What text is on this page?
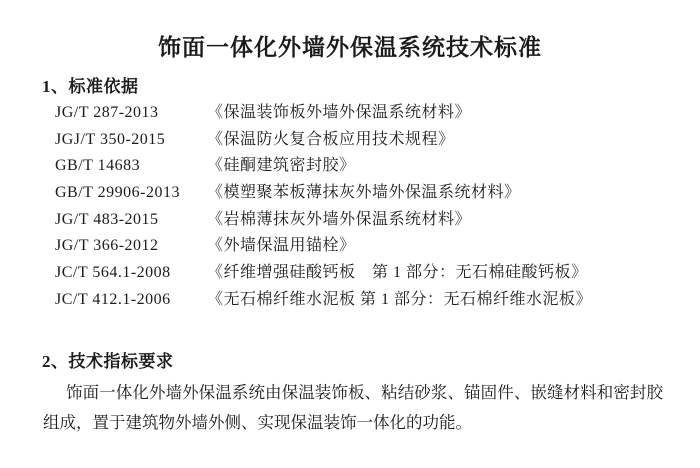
饰面一体化外墙外保温系统技术标准
1、标准依据
JG/T 287-2013	《保温装饰板外墙外保温系统材料》
JGJ/T 350-2015	《保温防火复合板应用技术规程》
GB/T 14683	《硅酮建筑密封胶》
GB/T 29906-2013	《模塑聚苯板薄抹灰外墙外保温系统材料》
JG/T 483-2015	《岩棉薄抹灰外墙外保温系统材料》
JG/T 366-2012	《外墙保温用锚栓》
JC/T 564.1-2008	《纤维增强硅酸钙板　第 1 部分：无石棉硅酸钙板》
JC/T 412.1-2006	《无石棉纤维水泥板 第 1 部分：无石棉纤维水泥板》
2、技术指标要求
饰面一体化外墙外保温系统由保温装饰板、粘结砂浆、锚固件、嵌缝材料和密封胶
组成，置于建筑物外墙外侧、实现保温装饰一体化的功能。
